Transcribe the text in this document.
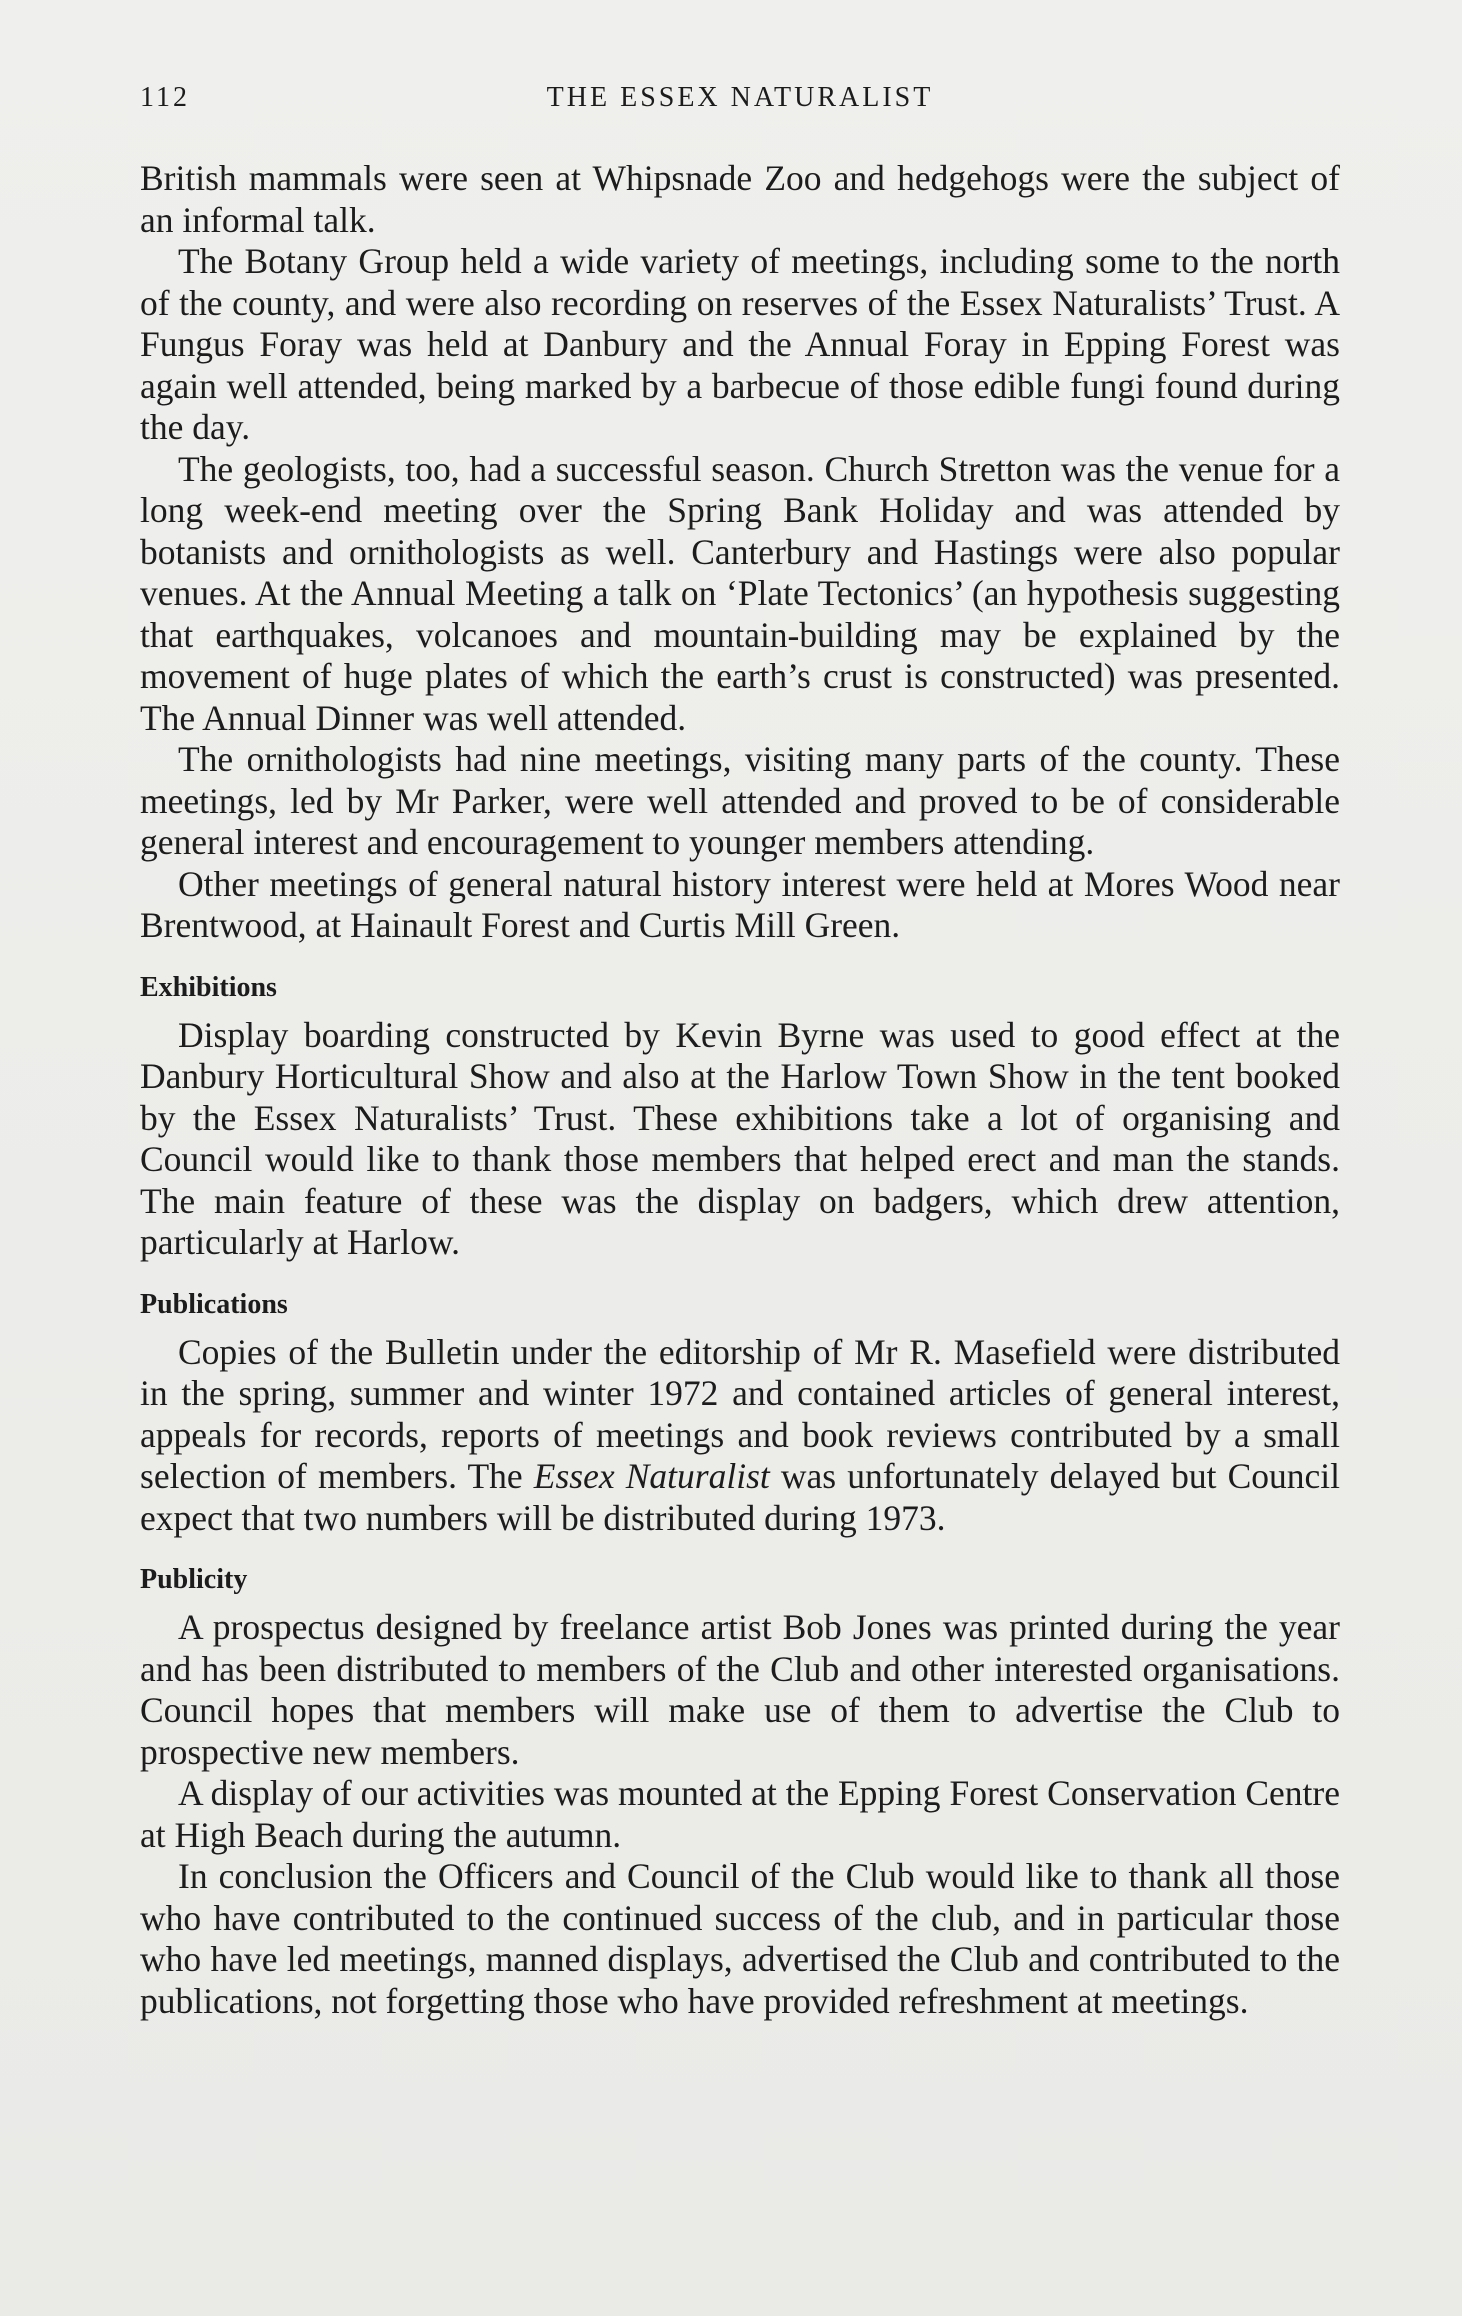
112	THE ESSEX NATURALIST

British mammals were seen at Whipsnade Zoo and hedgehogs were the subject of an informal talk.

The Botany Group held a wide variety of meetings, including some to the north of the county, and were also recording on reserves of the Essex Naturalists’ Trust. A Fungus Foray was held at Danbury and the Annual Foray in Epping Forest was again well attended, being marked by a barbecue of those edible fungi found during the day.

The geologists, too, had a successful season. Church Stretton was the venue for a long week-end meeting over the Spring Bank Holiday and was attended by botanists and ornithologists as well. Canterbury and Hastings were also popular venues. At the Annual Meeting a talk on ‘Plate Tectonics’ (an hypothesis suggesting that earthquakes, volcanoes and mountain-building may be explained by the movement of huge plates of which the earth’s crust is constructed) was presented. The Annual Dinner was well attended.

The ornithologists had nine meetings, visiting many parts of the county. These meetings, led by Mr Parker, were well attended and proved to be of considerable general interest and encouragement to younger members attending.

Other meetings of general natural history interest were held at Mores Wood near Brentwood, at Hainault Forest and Curtis Mill Green.

Exhibitions

Display boarding constructed by Kevin Byrne was used to good effect at the Danbury Horticultural Show and also at the Harlow Town Show in the tent booked by the Essex Naturalists’ Trust. These exhibitions take a lot of organising and Council would like to thank those members that helped erect and man the stands. The main feature of these was the display on badgers, which drew attention, particularly at Harlow.

Publications

Copies of the Bulletin under the editorship of Mr R. Masefield were distributed in the spring, summer and winter 1972 and contained articles of general interest, appeals for records, reports of meetings and book reviews contributed by a small selection of members. The Essex Naturalist was unfortunately delayed but Council expect that two numbers will be distributed during 1973.

Publicity

A prospectus designed by freelance artist Bob Jones was printed during the year and has been distributed to members of the Club and other interested organisations. Council hopes that members will make use of them to advertise the Club to prospective new members.

A display of our activities was mounted at the Epping Forest Conservation Centre at High Beach during the autumn.

In conclusion the Officers and Council of the Club would like to thank all those who have contributed to the continued success of the club, and in particular those who have led meetings, manned displays, advertised the Club and contributed to the publications, not forgetting those who have provided refreshment at meetings.
